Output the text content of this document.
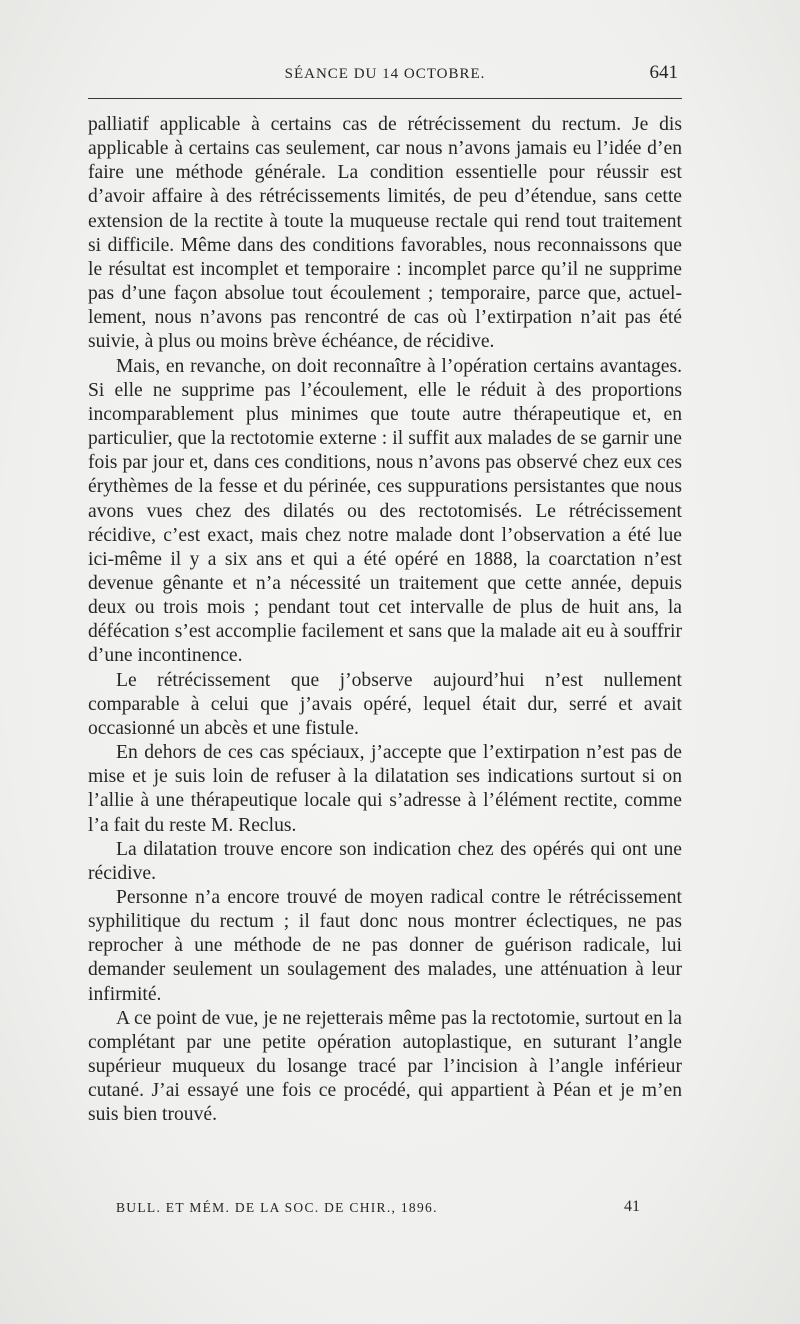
SÉANCE DU 14 OCTOBRE.	641

palliatif applicable à certains cas de rétrécissement du rectum. Je dis applicable à certains cas seulement, car nous n’avons jamais eu l’idée d’en faire une méthode générale. La condition essentielle pour réussir est d’avoir affaire à des rétrécissements limités, de peu d’étendue, sans cette extension de la rectite à toute la muqueuse rectale qui rend tout traitement si difficile. Même dans des conditions favorables, nous reconnaissons que le résultat est incomplet et temporaire : incomplet parce qu’il ne supprime pas d’une façon absolue tout écoulement ; temporaire, parce que, actuellement, nous n’avons pas rencontré de cas où l’extirpation n’ait pas été suivie, à plus ou moins brève échéance, de récidive.

Mais, en revanche, on doit reconnaître à l’opération certains avantages. Si elle ne supprime pas l’écoulement, elle le réduit à des proportions incomparablement plus minimes que toute autre thérapeutique et, en particulier, que la rectotomie externe : il suffit aux malades de se garnir une fois par jour et, dans ces conditions, nous n’avons pas observé chez eux ces érythèmes de la fesse et du périnée, ces suppurations persistantes que nous avons vues chez des dilatés ou des rectotomisés. Le rétrécissement récidive, c’est exact, mais chez notre malade dont l’observation a été lue ici-même il y a six ans et qui a été opéré en 1888, la coarctation n’est devenue gênante et n’a nécessité un traitement que cette année, depuis deux ou trois mois ; pendant tout cet intervalle de plus de huit ans, la défécation s’est accomplie facilement et sans que la malade ait eu à souffrir d’une incontinence.

Le rétrécissement que j’observe aujourd’hui n’est nullement comparable à celui que j’avais opéré, lequel était dur, serré et avait occasionné un abcès et une fistule.

En dehors de ces cas spéciaux, j’accepte que l’extirpation n’est pas de mise et je suis loin de refuser à la dilatation ses indications surtout si on l’allie à une thérapeutique locale qui s’adresse à l’élément rectite, comme l’a fait du reste M. Reclus.

La dilatation trouve encore son indication chez des opérés qui ont une récidive.

Personne n’a encore trouvé de moyen radical contre le rétrécissement syphilitique du rectum ; il faut donc nous montrer éclectiques, ne pas reprocher à une méthode de ne pas donner de guérison radicale, lui demander seulement un soulagement des malades, une atténuation à leur infirmité.

A ce point de vue, je ne rejetterais même pas la rectotomie, surtout en la complétant par une petite opération autoplastique, en suturant l’angle supérieur muqueux du losange tracé par l’incision à l’angle inférieur cutané. J’ai essayé une fois ce procédé, qui appartient à Péan et je m’en suis bien trouvé.

BULL. ET MÉM. DE LA SOC. DE CHIR., 1896.	41
